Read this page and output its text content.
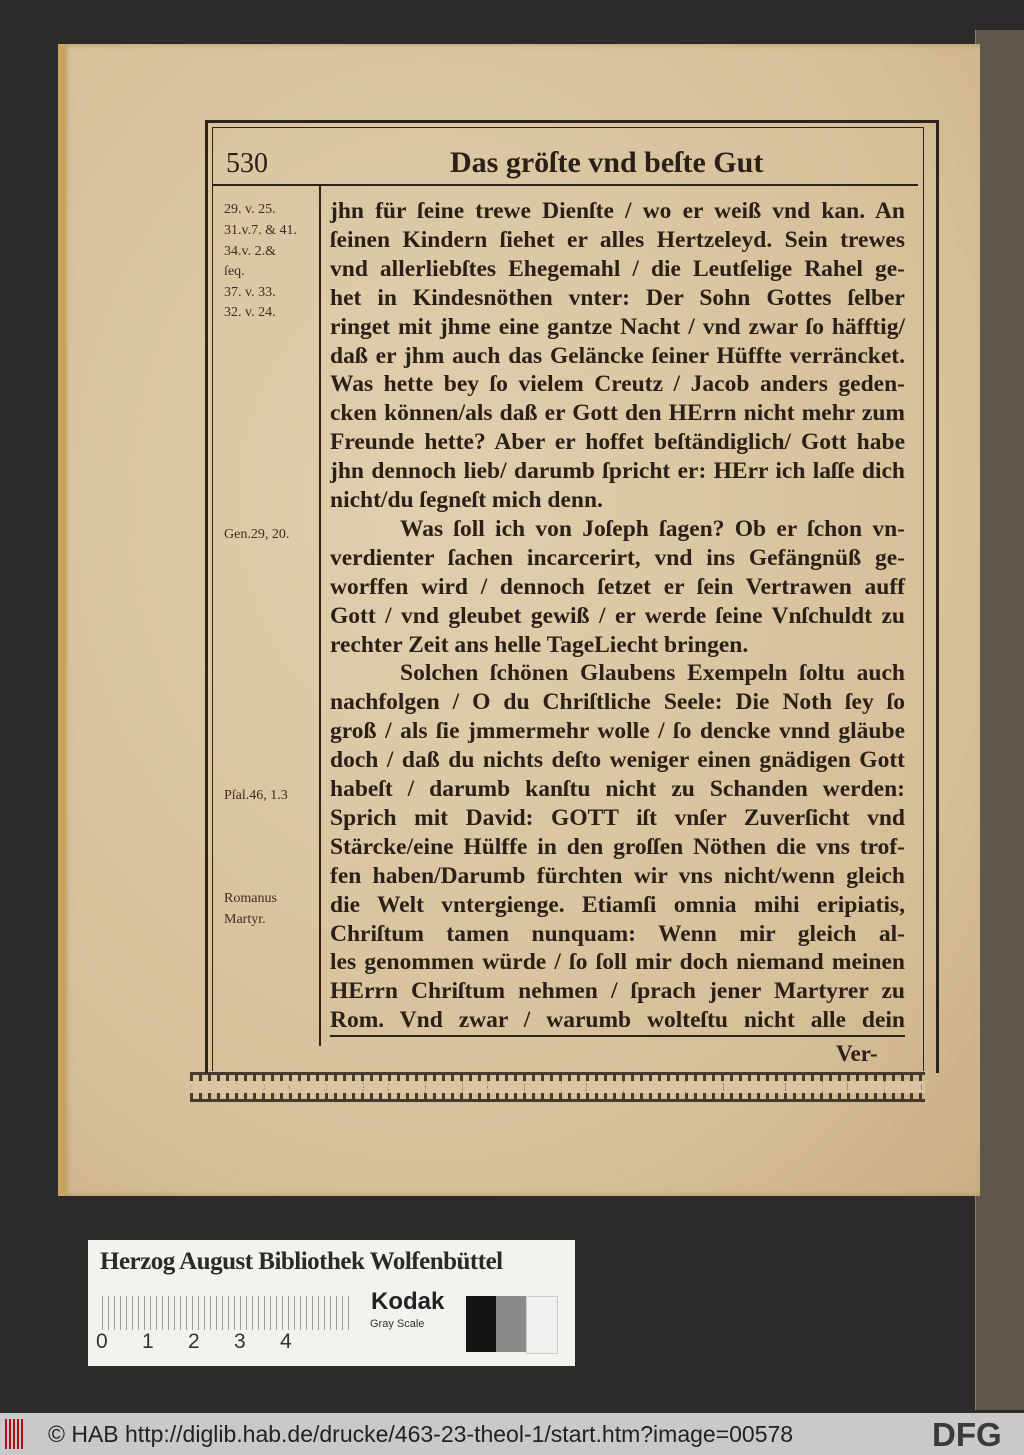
530	Das gröſte vnd beſte Gut
29. v. 25.
31.v.7. & 41.
34.v. 2.&
ſeq.
37. v. 33.
32. v. 24.
Gen.29, 20.
Pſal.46, 1.3
Romanus
Martyr.
jhn für ſeine trewe Dienſte / wo er weiß vnd kan. An
ſeinen Kindern ſiehet er alles Hertzeleyd. Sein trewes
vnd allerliebſtes Ehegemahl / die Leutſelige Rahel ge-
het in Kindesnöthen vnter: Der Sohn Gottes ſelber
ringet mit jhme eine gantze Nacht / vnd zwar ſo häfftig/
daß er jhm auch das Geläncke ſeiner Hüffte verräncket.
Was hette bey ſo vielem Creutz / Jacob anders geden-
cken können/als daß er Gott den HErrn nicht mehr zum
Freunde hette? Aber er hoffet beſtändiglich/ Gott habe
jhn dennoch lieb/ darumb ſpricht er: HErr ich laſſe dich
nicht/du ſegneſt mich denn.
Was ſoll ich von Joſeph ſagen? Ob er ſchon vn-
verdienter ſachen incarcerirt, vnd ins Gefängnüß ge-
worffen wird / dennoch ſetzet er ſein Vertrawen auff
Gott / vnd gleubet gewiß / er werde ſeine Vnſchuldt zu
rechter Zeit ans helle TageLiecht bringen.
Solchen ſchönen Glaubens Exempeln ſoltu auch
nachfolgen / O du Chriſtliche Seele: Die Noth ſey ſo
groß / als ſie jmmermehr wolle / ſo dencke vnnd gläube
doch / daß du nichts deſto weniger einen gnädigen Gott
habeſt / darumb kanſtu nicht zu Schanden werden:
Sprich mit David: GOTT iſt vnſer Zuverſicht vnd
Stärcke/eine Hülffe in den groſſen Nöthen die vns trof-
fen haben/Darumb fürchten wir vns nicht/wenn gleich
die Welt vntergienge. Etiamſi omnia mihi eripiatis,
Chriſtum tamen nunquam: Wenn mir gleich al-
les genommen würde / ſo ſoll mir doch niemand meinen
HErrn Chriſtum nehmen / ſprach jener Martyrer zu
Rom. Vnd zwar / warumb wolteſtu nicht alle dein
Ver-
Herzog August Bibliothek Wolfenbüttel
0 1 2 3 4
Kodak
Gray Scale
© HAB http://diglib.hab.de/drucke/463-23-theol-1/start.htm?image=00578	DFG
